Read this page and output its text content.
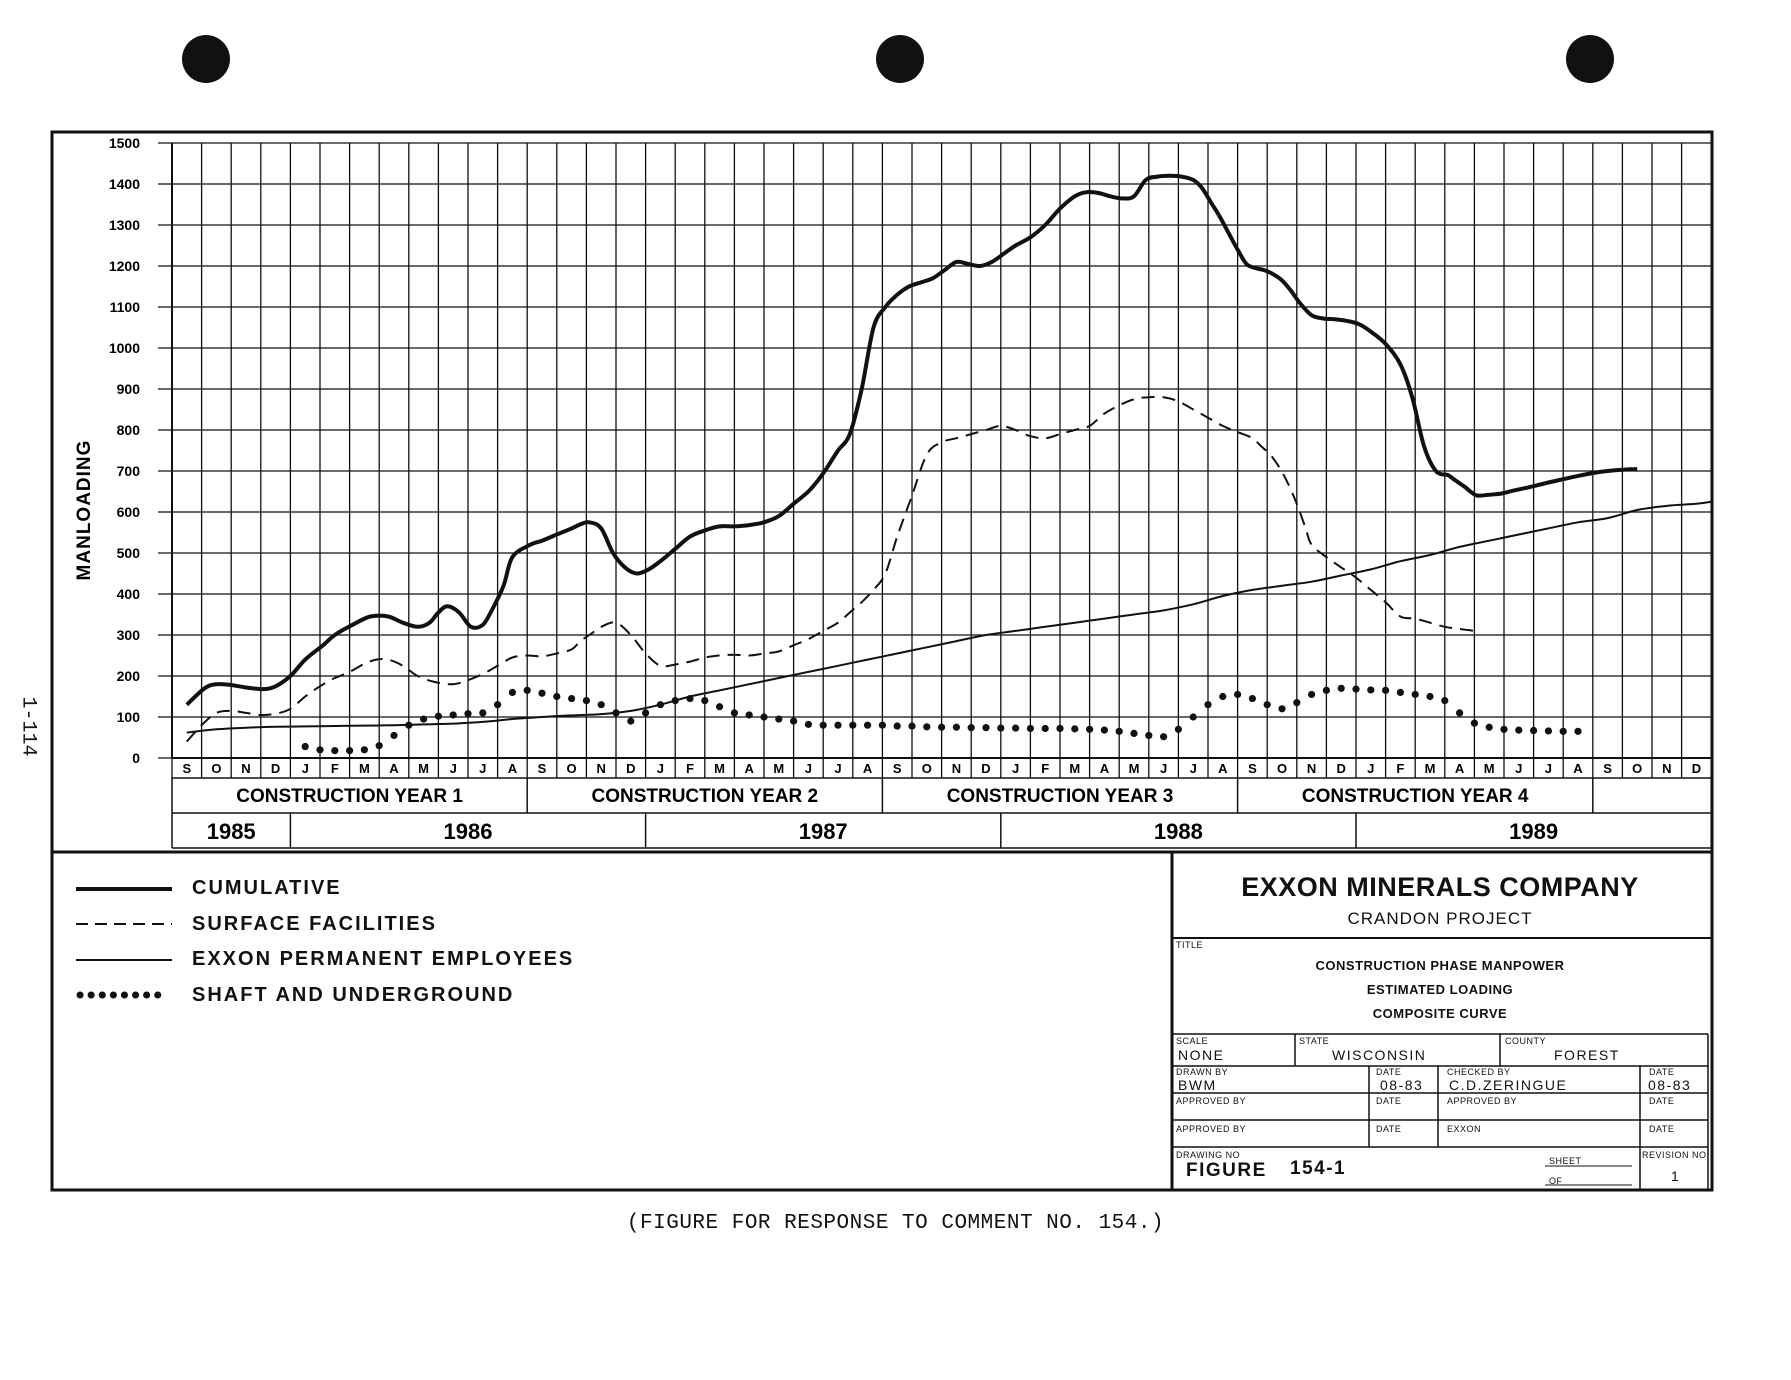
1-114
0
100
200
300
400
500
600
700
800
900
1000
1100
1200
1300
1400
1500
S O N D J F M A M J J A S O N D J F M A M J J A S O N D J F M A M J J A S O N D J F M A M J J A S O N D
CONSTRUCTION YEAR 1	CONSTRUCTION YEAR 2	CONSTRUCTION YEAR 3	CONSTRUCTION YEAR 4
1985	1986	1987	1988	1989
MANLOADING
CUMULATIVE
SURFACE FACILITIES
EXXON PERMANENT EMPLOYEES
SHAFT AND UNDERGROUND
EXXON MINERALS COMPANY
CRANDON PROJECT
TITLE
CONSTRUCTION PHASE MANPOWER
ESTIMATED LOADING
COMPOSITE CURVE
SCALE
NONE
STATE
WISCONSIN
COUNTY
FOREST
DRAWN BY
BWM
DATE
08-83
CHECKED BY
C.D.ZERINGUE
DATE
08-83
APPROVED BY	DATE	APPROVED BY	DATE
APPROVED BY	DATE	EXXON	DATE
DRAWING NO
FIGURE 154-1	SHEET
OF
REVISION NO
1
(FIGURE FOR RESPONSE TO COMMENT NO. 154.)
